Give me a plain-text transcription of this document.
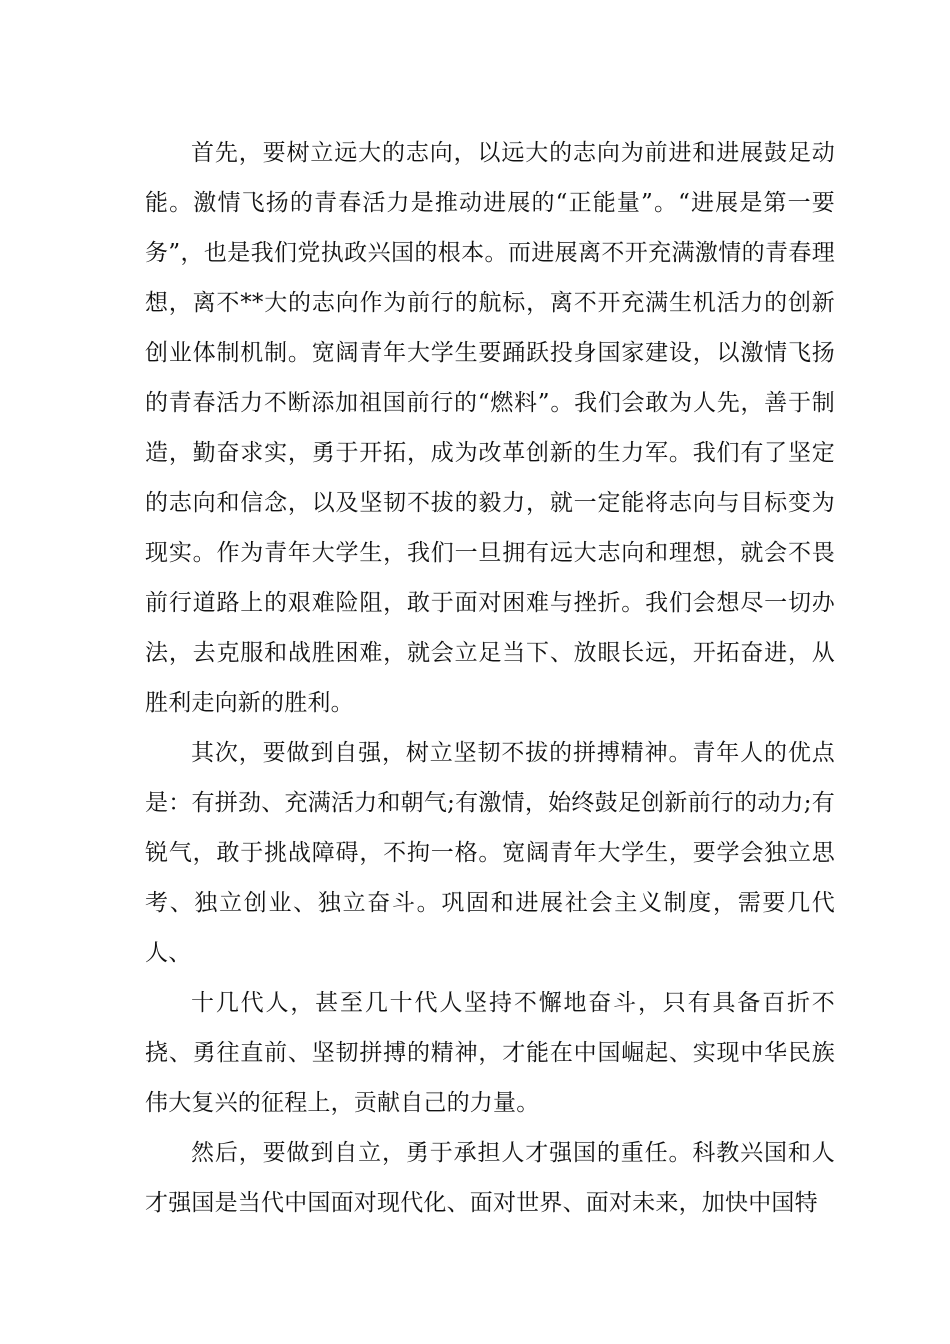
首先，要树立远大的志向，以远大的志向为前进和进展鼓足动能。激情飞扬的青春活力是推动进展的“正能量”。“进展是第一要务”，也是我们党执政兴国的根本。而进展离不开充满激情的青春理想，离不**大的志向作为前行的航标，离不开充满生机活力的创新创业体制机制。宽阔青年大学生要踊跃投身国家建设，以激情飞扬的青春活力不断添加祖国前行的“燃料”。我们会敢为人先，善于制造，勤奋求实，勇于开拓，成为改革创新的生力军。我们有了坚定的志向和信念，以及坚韧不拔的毅力，就一定能将志向与目标变为现实。作为青年大学生，我们一旦拥有远大志向和理想，就会不畏前行道路上的艰难险阻，敢于面对困难与挫折。我们会想尽一切办法，去克服和战胜困难，就会立足当下、放眼长远，开拓奋进，从胜利走向新的胜利。

其次，要做到自强，树立坚韧不拔的拼搏精神。青年人的优点是：有拼劲、充满活力和朝气;有激情，始终鼓足创新前行的动力;有锐气，敢于挑战障碍，不拘一格。宽阔青年大学生，要学会独立思考、独立创业、独立奋斗。巩固和进展社会主义制度，需要几代人、

十几代人，甚至几十代人坚持不懈地奋斗，只有具备百折不挠、勇往直前、坚韧拼搏的精神，才能在中国崛起、实现中华民族伟大复兴的征程上，贡献自己的力量。

然后，要做到自立，勇于承担人才强国的重任。科教兴国和人才强国是当代中国面对现代化、面对世界、面对未来，加快中国特
